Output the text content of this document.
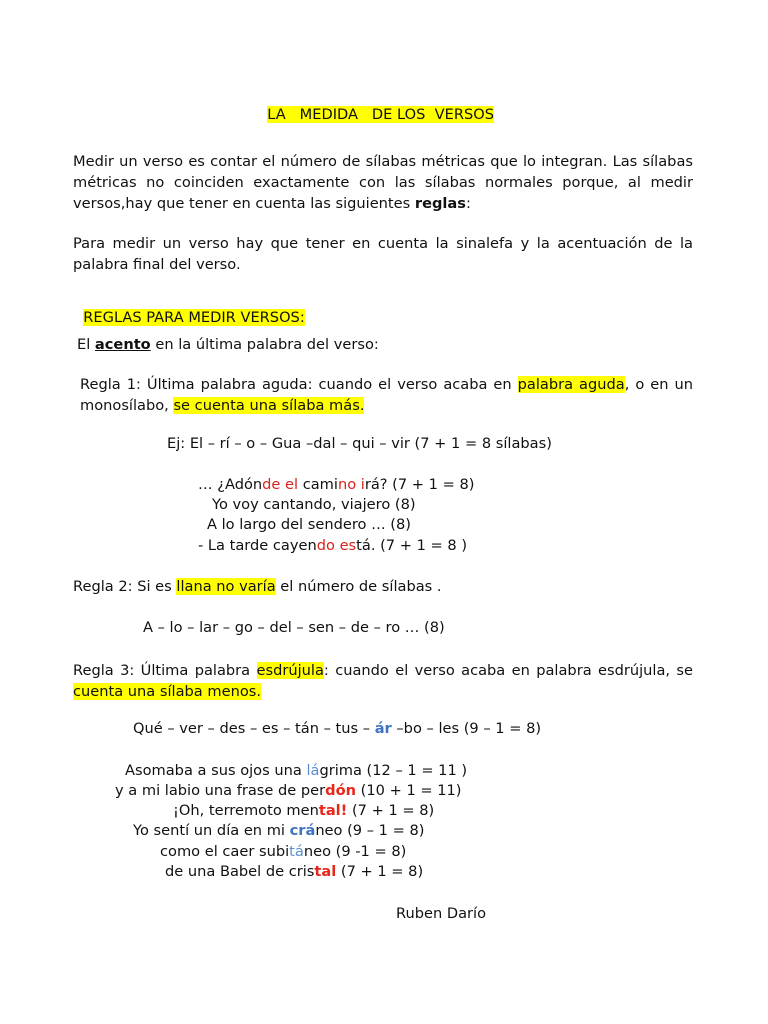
LA   MEDIDA   DE LOS  VERSOS

Medir un verso es contar el número de sílabas métricas que lo integran. Las sílabas métricas no coinciden exactamente con las sílabas normales porque, al medir versos,hay que tener en cuenta las siguientes reglas:
Para medir un verso hay que tener en cuenta la sinalefa y la acentuación de la palabra final del verso.

REGLAS PARA MEDIR VERSOS:

El acento en la última palabra del verso:
Regla 1: Última palabra aguda: cuando el verso acaba en palabra aguda, o en un monosílabo, se cuenta una sílaba más.
Ej: El – rí – o – Gua –dal – qui – vir (7 + 1 = 8 sílabas)
… ¿Adónde el camino irá? (7 + 1 = 8)
Yo voy cantando, viajero (8)
A lo largo del sendero … (8)
- La tarde cayendo está. (7 + 1 = 8 )
Regla 2: Si es llana no varía el número de sílabas .
A – lo – lar – go – del – sen – de – ro … (8)
Regla 3: Última palabra esdrújula: cuando el verso acaba en palabra esdrújula, se cuenta una sílaba menos.
Qué – ver – des – es – tán – tus – ár –bo – les (9 – 1 = 8)
Asomaba a sus ojos una lágrima (12 – 1 = 11 )
y a mi labio una frase de perdón (10 + 1 = 11)
¡Oh, terremoto mental! (7 + 1 = 8)
Yo sentí un día en mi cráneo (9 – 1 = 8)
como el caer subitáneo (9 -1 = 8)
de una Babel de cristal (7 + 1 = 8)
Ruben Darío
